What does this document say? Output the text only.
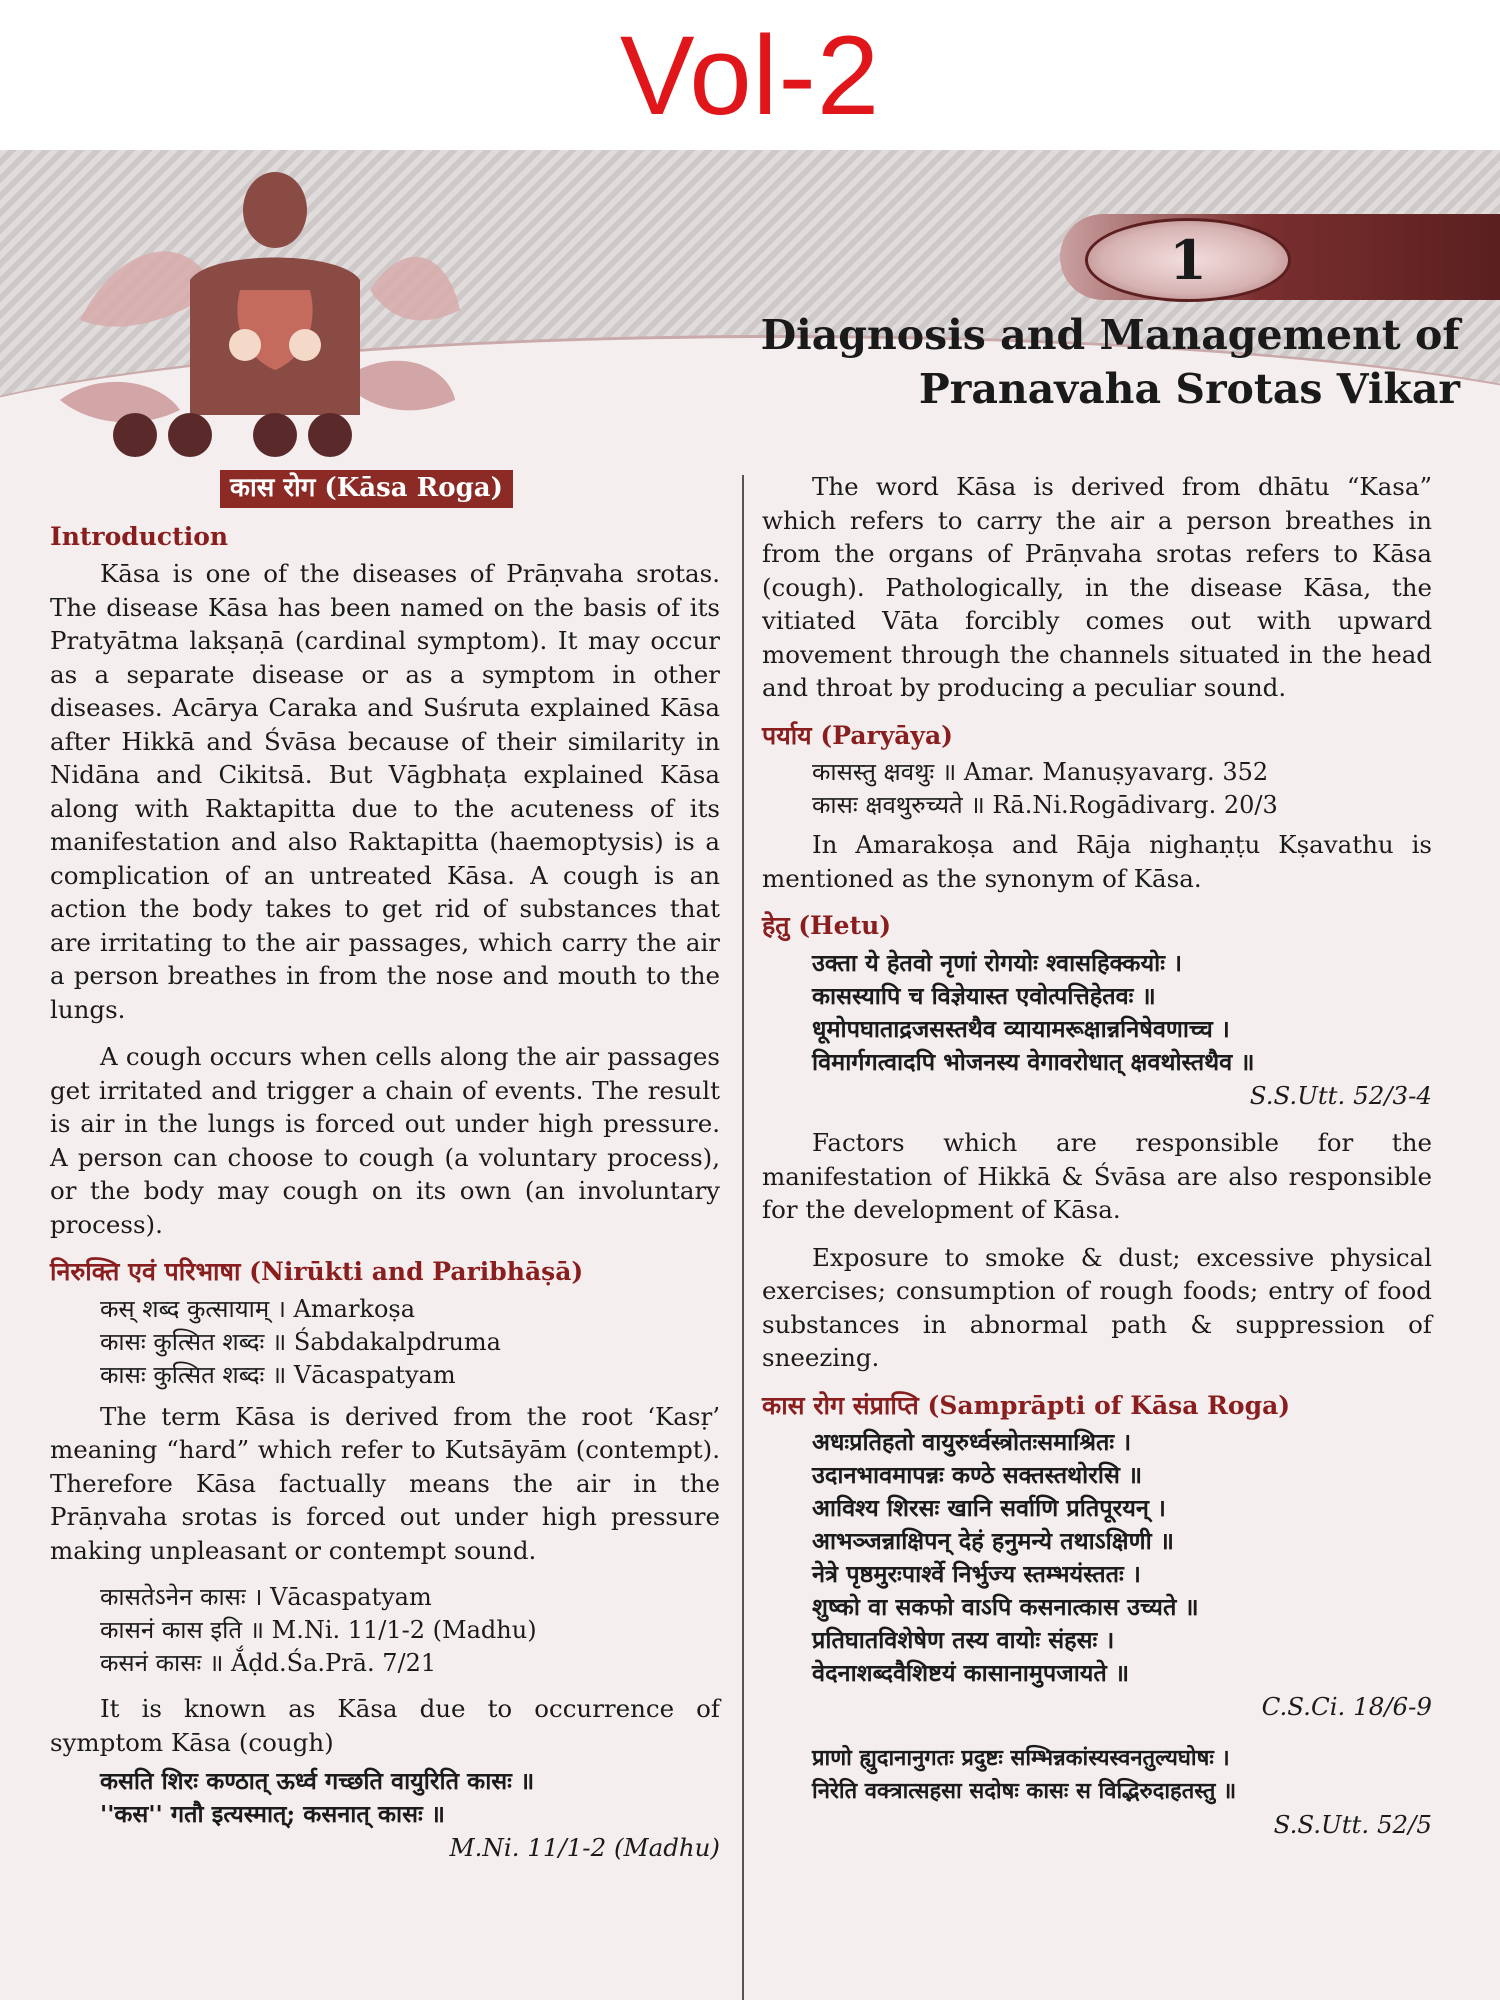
Vol-2
1
Diagnosis and Management of
Pranavaha Srotas Vikar
कास रोग (Kāsa Roga)
Introduction

Kāsa is one of the diseases of Prāṇvaha srotas. The disease Kāsa has been named on the basis of its Pratyātma lakṣaṇā (cardinal symptom). It may occur as a separate disease or as a symptom in other diseases. Acārya Caraka and Suśruta explained Kāsa after Hikkā and Śvāsa because of their similarity in Nidāna and Cikitsā. But Vāgbhaṭa explained Kāsa along with Raktapitta due to the acuteness of its manifestation and also Raktapitta (haemoptysis) is a complication of an untreated Kāsa. A cough is an action the body takes to get rid of substances that are irritating to the air passages, which carry the air a person breathes in from the nose and mouth to the lungs.

A cough occurs when cells along the air passages get irritated and trigger a chain of events. The result is air in the lungs is forced out under high pressure. A person can choose to cough (a voluntary process), or the body may cough on its own (an involuntary process).

निरुक्ति एवं परिभाषा (Nirūkti and Paribhāṣā)
कस् शब्द कुत्सायाम् । Amarkoṣa
कासः कुत्सित शब्दः ॥ Śabdakalpdruma
कासः कुत्सित शब्दः ॥ Vācaspatyam

The term Kāsa is derived from the root ‘Kasṛ’ meaning “hard” which refer to Kutsāyām (contempt). Therefore Kāsa factually means the air in the Prāṇvaha srotas is forced out under high pressure making unpleasant or contempt sound.

कासतेऽनेन कासः । Vācaspatyam
कासनं कास इति ॥ M.Ni. 11/1-2 (Madhu)
कसनं कासः ॥ Ắḍd.Śa.Prā. 7/21

It is known as Kāsa due to occurrence of symptom Kāsa (cough)

कसति शिरः कण्ठात् ऊर्ध्व गच्छति वायुरिति कासः ॥
''कस'' गतौ इत्यस्मात्; कसनात् कासः ॥
M.Ni. 11/1-2 (Madhu)

The word Kāsa is derived from dhātu “Kasa” which refers to carry the air a person breathes in from the organs of Prāṇvaha srotas refers to Kāsa (cough). Pathologically, in the disease Kāsa, the vitiated Vāta forcibly comes out with upward movement through the channels situated in the head and throat by producing a peculiar sound.

पर्याय (Paryāya)
कासस्तु क्षवथुः ॥ Amar. Manuṣyavarg. 352
कासः क्षवथुरुच्यते ॥ Rā.Ni.Rogādivarg. 20/3

In Amarakoṣa and Rāja nighaṇṭu Kṣavathu is mentioned as the synonym of Kāsa.

हेतु (Hetu)
उक्ता ये हेतवो नृणां रोगयोः श्वासहिक्कयोः ।
कासस्यापि च विज्ञेयास्त एवोत्पत्तिहेतवः ॥
धूमोपघाताद्रजसस्तथैव व्यायामरूक्षान्ननिषेवणाच्च ।
विमार्गगत्वादपि भोजनस्य वेगावरोधात् क्षवथोस्तथैव ॥
S.S.Utt. 52/3-4

Factors which are responsible for the manifestation of Hikkā & Śvāsa are also responsible for the development of Kāsa.

Exposure to smoke & dust; excessive physical exercises; consumption of rough foods; entry of food substances in abnormal path & suppression of sneezing.

कास रोग संप्राप्ति (Samprāpti of Kāsa Roga)
अधःप्रतिहतो वायुरुर्ध्वस्त्रोतःसमाश्रितः ।
उदानभावमापन्नः कण्ठे सक्तस्तथोरसि ॥
आविश्य शिरसः खानि सर्वाणि प्रतिपूरयन् ।
आभञ्जन्नाक्षिपन् देहं हनुमन्ये तथाऽक्षिणी ॥
नेत्रे पृष्ठमुरःपार्श्वे निर्भुज्य स्तम्भयंस्ततः ।
शुष्को वा सकफो वाऽपि कसनात्कास उच्यते ॥
प्रतिघातविशेषेण तस्य वायोः संहसः ।
वेदनाशब्दवैशिष्टयं कासानामुपजायते ॥
C.S.Ci. 18/6-9
प्राणो ह्युदानानुगतः प्रदुष्टः सम्भिन्नकांस्यस्वनतुल्यघोषः ।
निरेति वक्त्रात्सहसा सदोषः कासः स विद्भिरुदाहतस्तु ॥
S.S.Utt. 52/5
